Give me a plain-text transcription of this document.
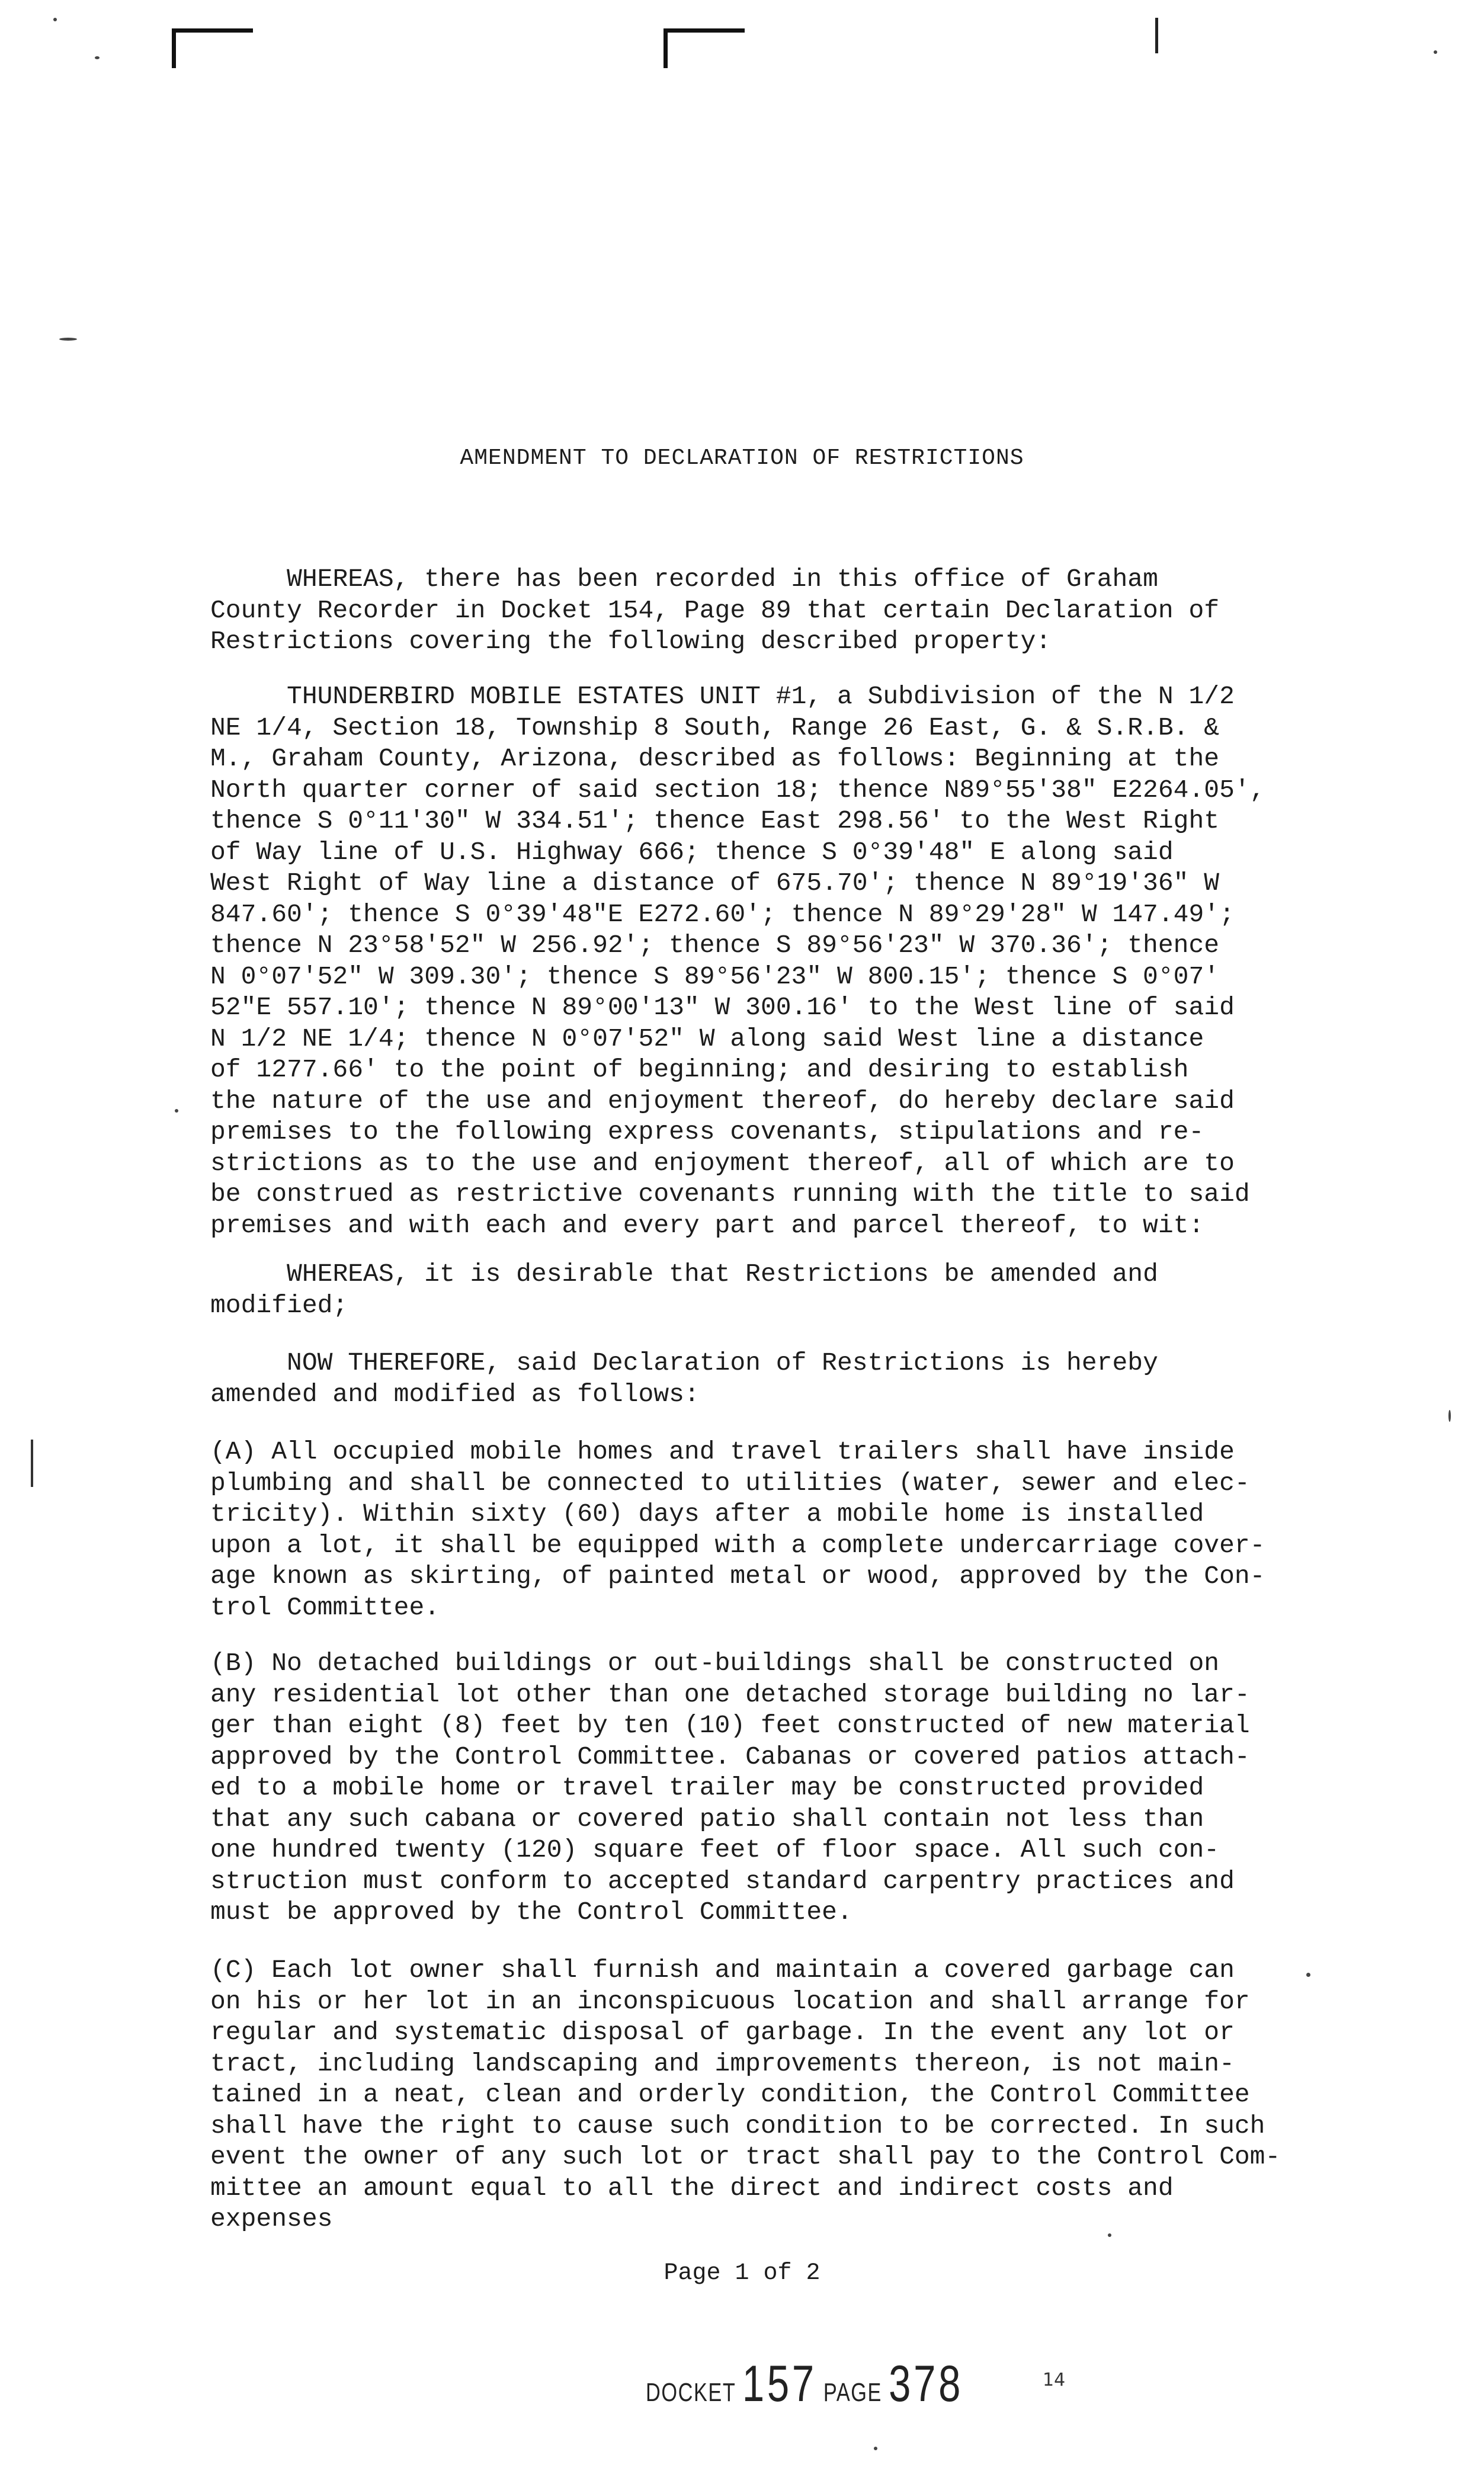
AMENDMENT TO DECLARATION OF RESTRICTIONS

WHEREAS, there has been recorded in this office of Graham
County Recorder in Docket 154, Page 89 that certain Declaration of
Restrictions covering the following described property:

THUNDERBIRD MOBILE ESTATES UNIT #1, a Subdivision of the N 1/2
NE 1/4, Section 18, Township 8 South, Range 26 East, G. & S.R.B. &
M., Graham County, Arizona, described as follows: Beginning at the
North quarter corner of said section 18; thence N89°55'38" E2264.05',
thence S 0°11'30" W 334.51'; thence East 298.56' to the West Right
of Way line of U.S. Highway 666; thence S 0°39'48" E along said
West Right of Way line a distance of 675.70'; thence N 89°19'36" W
847.60'; thence S 0°39'48"E E272.60'; thence N 89°29'28" W 147.49';
thence N 23°58'52" W 256.92'; thence S 89°56'23" W 370.36'; thence
N 0°07'52" W 309.30'; thence S 89°56'23" W 800.15'; thence S 0°07'
52"E 557.10'; thence N 89°00'13" W 300.16' to the West line of said
N 1/2 NE 1/4; thence N 0°07'52" W along said West line a distance
of 1277.66' to the point of beginning; and desiring to establish
the nature of the use and enjoyment thereof, do hereby declare said
premises to the following express covenants, stipulations and re-
strictions as to the use and enjoyment thereof, all of which are to
be construed as restrictive covenants running with the title to said
premises and with each and every part and parcel thereof, to wit:

WHEREAS, it is desirable that Restrictions be amended and
modified;

NOW THEREFORE, said Declaration of Restrictions is hereby
amended and modified as follows:

(A) All occupied mobile homes and travel trailers shall have inside
plumbing and shall be connected to utilities (water, sewer and elec-
tricity). Within sixty (60) days after a mobile home is installed
upon a lot, it shall be equipped with a complete undercarriage cover-
age known as skirting, of painted metal or wood, approved by the Con-
trol Committee.

(B) No detached buildings or out-buildings shall be constructed on
any residential lot other than one detached storage building no lar-
ger than eight (8) feet by ten (10) feet constructed of new material
approved by the Control Committee. Cabanas or covered patios attach-
ed to a mobile home or travel trailer may be constructed provided
that any such cabana or covered patio shall contain not less than
one hundred twenty (120) square feet of floor space. All such con-
struction must conform to accepted standard carpentry practices and
must be approved by the Control Committee.

(C) Each lot owner shall furnish and maintain a covered garbage can
on his or her lot in an inconspicuous location and shall arrange for
regular and systematic disposal of garbage. In the event any lot or
tract, including landscaping and improvements thereon, is not main-
tained in a neat, clean and orderly condition, the Control Committee
shall have the right to cause such condition to be corrected. In such
event the owner of any such lot or tract shall pay to the Control Com-
mittee an amount equal to all the direct and indirect costs and expenses

Page 1 of 2
DOCKET 157 PAGE 378	14
